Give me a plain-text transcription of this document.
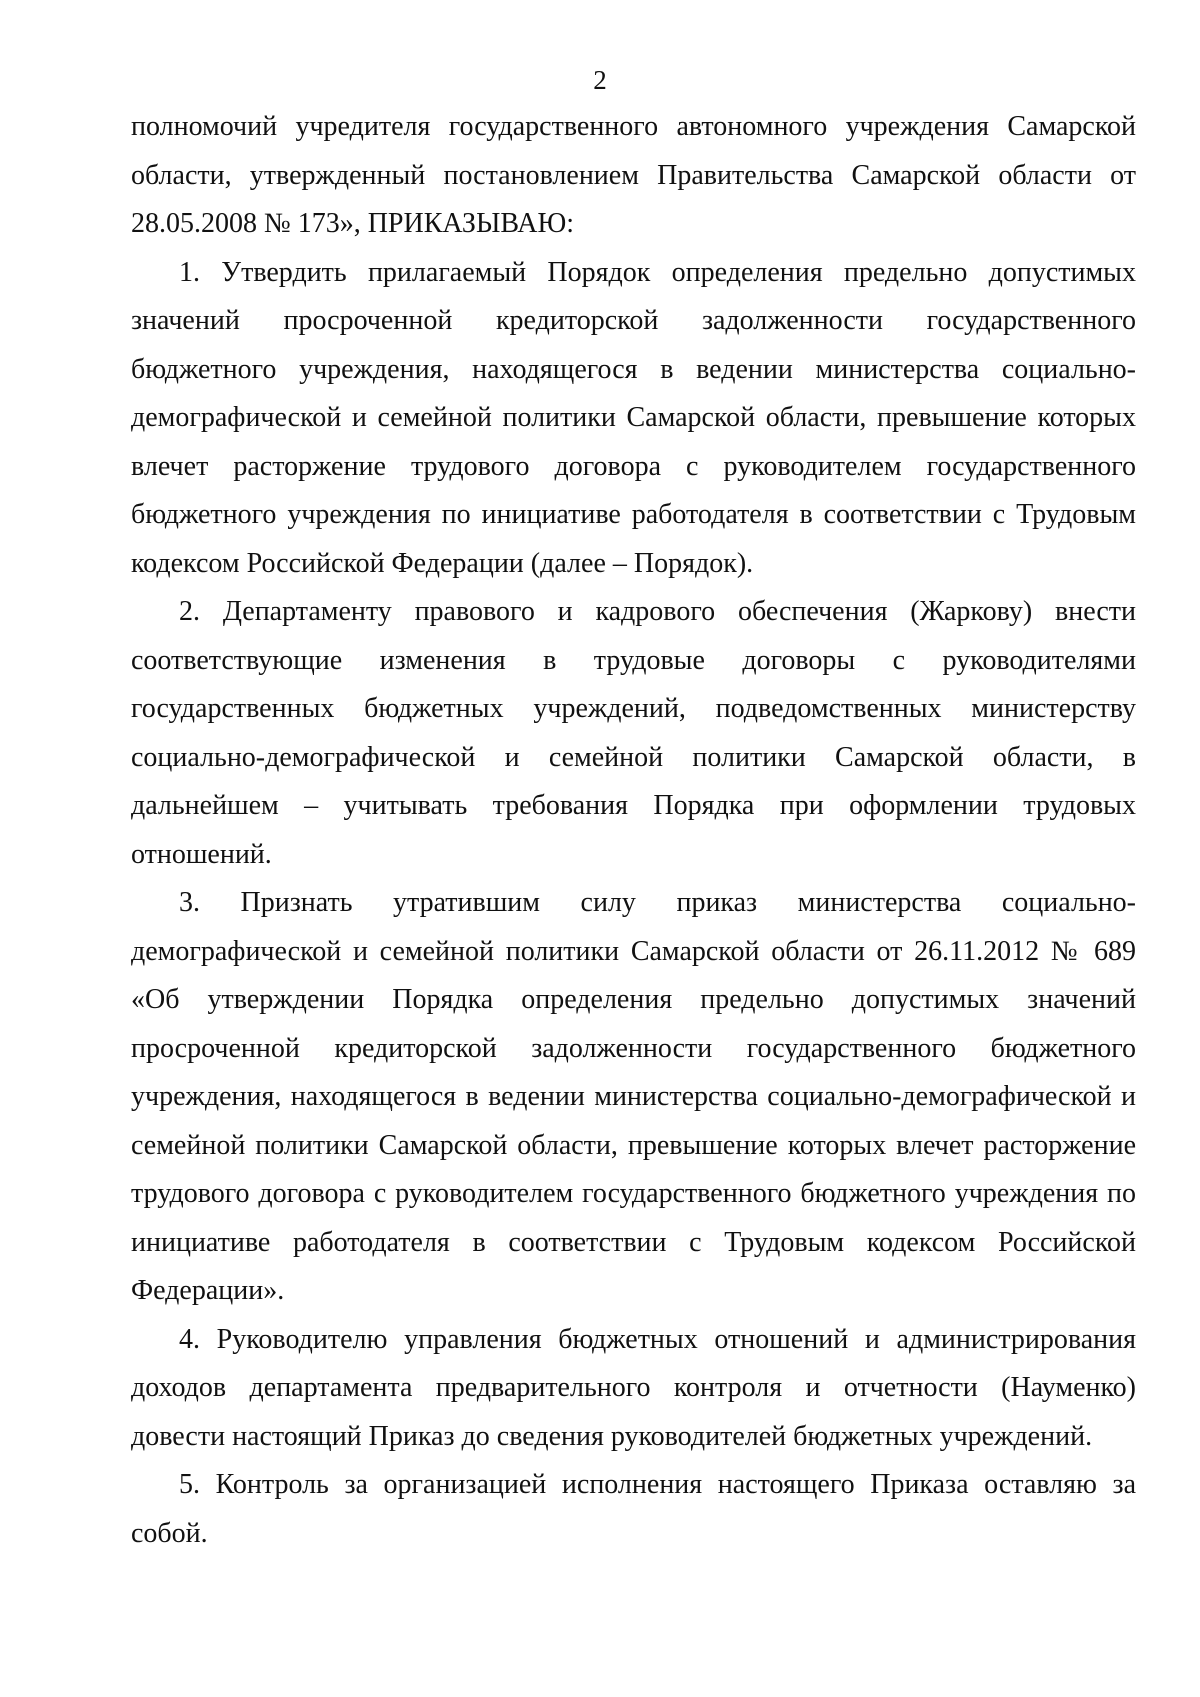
2

полномочий учредителя государственного автономного учреждения Самарской области, утвержденный постановлением Правительства Самарской области от 28.05.2008 № 173», ПРИКАЗЫВАЮ:

1. Утвердить прилагаемый Порядок определения предельно допустимых значений просроченной кредиторской задолженности государственного бюджетного учреждения, находящегося в ведении министерства социально-демографической и семейной политики Самарской области, превышение которых влечет расторжение трудового договора с руководителем государственного бюджетного учреждения по инициативе работодателя в соответствии с Трудовым кодексом Российской Федерации (далее – Порядок).

2. Департаменту правового и кадрового обеспечения (Жаркову) внести соответствующие изменения в трудовые договоры с руководителями государственных бюджетных учреждений, подведомственных министерству социально-демографической и семейной политики Самарской области, в дальнейшем – учитывать требования Порядка при оформлении трудовых отношений.

3. Признать утратившим силу приказ министерства социально-демографической и семейной политики Самарской области от 26.11.2012 № 689 «Об утверждении Порядка определения предельно допустимых значений просроченной кредиторской задолженности государственного бюджетного учреждения, находящегося в ведении министерства социально-демографической и семейной политики Самарской области, превышение которых влечет расторжение трудового договора с руководителем государственного бюджетного учреждения по инициативе работодателя в соответствии с Трудовым кодексом Российской Федерации».

4. Руководителю управления бюджетных отношений и администрирования доходов департамента предварительного контроля и отчетности (Науменко) довести настоящий Приказ до сведения руководителей бюджетных учреждений.

5. Контроль за организацией исполнения настоящего Приказа оставляю за собой.
